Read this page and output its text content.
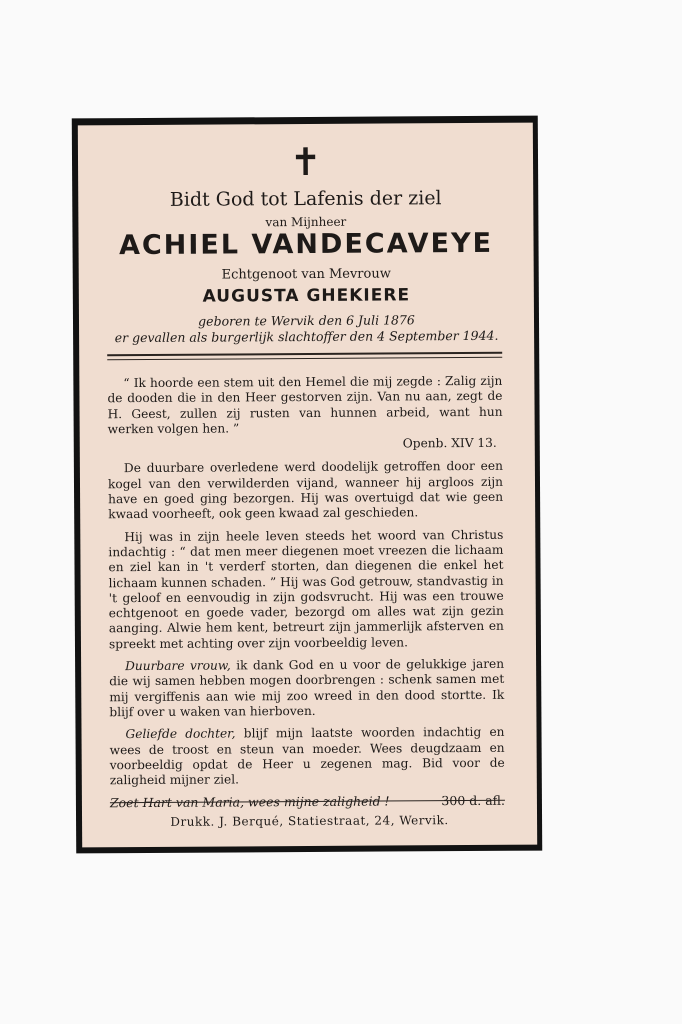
✝
Bidt God tot Lafenis der ziel
van Mijnheer
ACHIEL VANDECAVEYE
Echtgenoot van Mevrouw
AUGUSTA GHEKIERE
geboren te Wervik den 6 Juli 1876
er gevallen als burgerlijk slachtoffer den 4 September 1944.

“ Ik hoorde een stem uit den Hemel die mij zegde : Zalig zijn de dooden die in den Heer gestorven zijn. Van nu aan, zegt de H. Geest, zullen zij rusten van hunnen arbeid, want hun werken volgen hen. ”

Openb. XIV 13.

De duurbare overledene werd doodelijk getroffen door een kogel van den verwilderden vijand, wanneer hij argloos zijn have en goed ging bezorgen. Hij was overtuigd dat wie geen kwaad voorheeft, ook geen kwaad zal geschieden.

Hij was in zijn heele leven steeds het woord van Christus indachtig : “ dat men meer diegenen moet vreezen die lichaam en ziel kan in 't verderf storten, dan diegenen die enkel het lichaam kunnen schaden. ” Hij was God getrouw, standvastig in 't geloof en eenvoudig in zijn godsvrucht. Hij was een trouwe echtgenoot en goede vader, bezorgd om alles wat zijn gezin aanging. Alwie hem kent, betreurt zijn jammerlijk afsterven en spreekt met achting over zijn voorbeeldig leven.

Duurbare vrouw, ik dank God en u voor de gelukkige jaren die wij samen hebben mogen doorbrengen : schenk samen met mij vergiffenis aan wie mij zoo wreed in den dood stortte. Ik blijf over u waken van hierboven.

Geliefde dochter, blijf mijn laatste woorden indachtig en wees de troost en steun van moeder. Wees deugdzaam en voorbeeldig opdat de Heer u zegenen mag. Bid voor de zaligheid mijner ziel.

Zoet Hart van Maria, wees mijne zaligheid !	300 d. afl.
Drukk. J. Berqué, Statiestraat, 24, Wervik.
